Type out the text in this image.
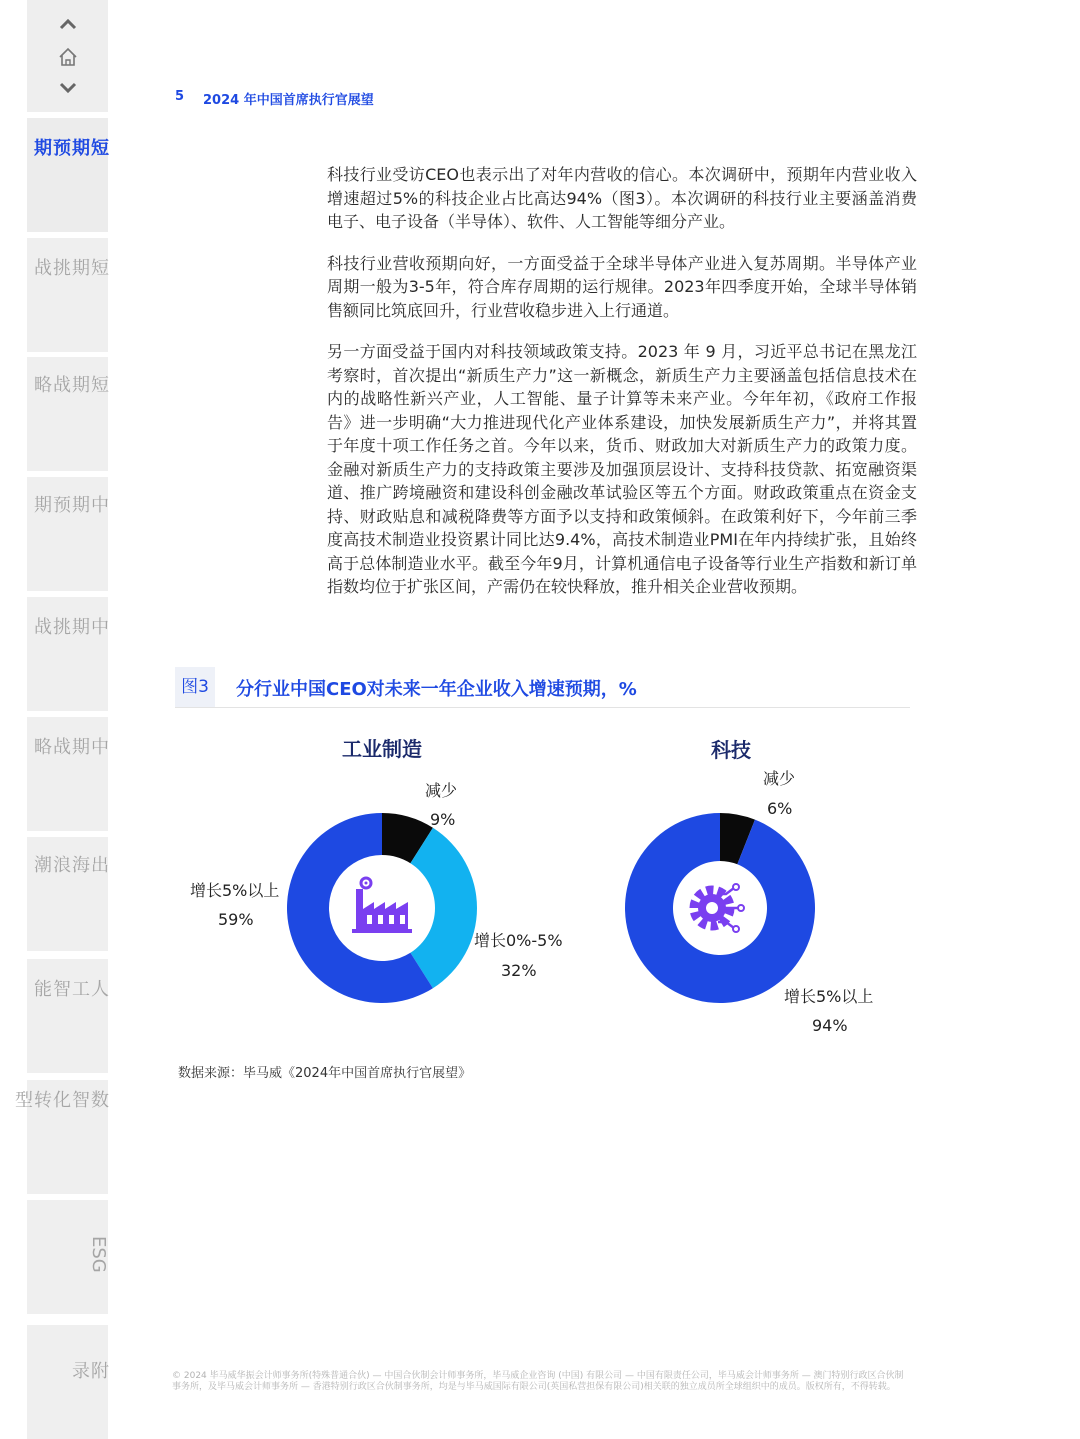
短期预期
短期挑战
短期战略
中期预期
中期挑战
中期战略
出海浪潮
人工智能
数智化转型
ESG
附录
5 2024 年中国首席执行官展望

科技行业受访CEO也表示出了对年内营收的信心。本次调研中，预期年内营业收入增速超过5%的科技企业占比高达94%（图3）。本次调研的科技行业主要涵盖消费电子、电子设备（半导体）、软件、人工智能等细分产业。

科技行业营收预期向好，一方面受益于全球半导体产业进入复苏周期。半导体产业周期一般为3-5年，符合库存周期的运行规律。2023年四季度开始，全球半导体销售额同比筑底回升，行业营收稳步进入上行通道。

另一方面受益于国内对科技领域政策支持。2023 年 9 月，习近平总书记在黑龙江考察时，首次提出“新质生产力”这一新概念，新质生产力主要涵盖包括信息技术在内的战略性新兴产业，人工智能、量子计算等未来产业。今年年初，《政府工作报告》进一步明确“大力推进现代化产业体系建设，加快发展新质生产力”，并将其置于年度十项工作任务之首。今年以来，货币、财政加大对新质生产力的政策力度。金融对新质生产力的支持政策主要涉及加强顶层设计、支持科技贷款、拓宽融资渠道、推广跨境融资和建设科创金融改革试验区等五个方面。财政政策重点在资金支持、财政贴息和减税降费等方面予以支持和政策倾斜。在政策利好下，今年前三季度高技术制造业投资累计同比达9.4%，高技术制造业PMI在年内持续扩张，且始终高于总体制造业水平。截至今年9月，计算机通信电子设备等行业生产指数和新订单指数均位于扩张区间，产需仍在较快释放，推升相关企业营收预期。

图3	分行业中国CEO对未来一年企业收入增速预期，%
工业制造	科技
减少
9%
增长0%-5%
32%
增长5%以上
59%
减少
6%
增长5%以上
94%
数据来源：毕马威《2024年中国首席执行官展望》
© 2024 毕马威华振会计师事务所(特殊普通合伙) — 中国合伙制会计师事务所，毕马威企业咨询 (中国) 有限公司 — 中国有限责任公司，毕马威会计师事务所 — 澳门特别行政区合伙制事务所，及毕马威会计师事务所 — 香港特别行政区合伙制事务所，均是与毕马威国际有限公司(英国私营担保有限公司)相关联的独立成员所全球组织中的成员。版权所有，不得转载。
